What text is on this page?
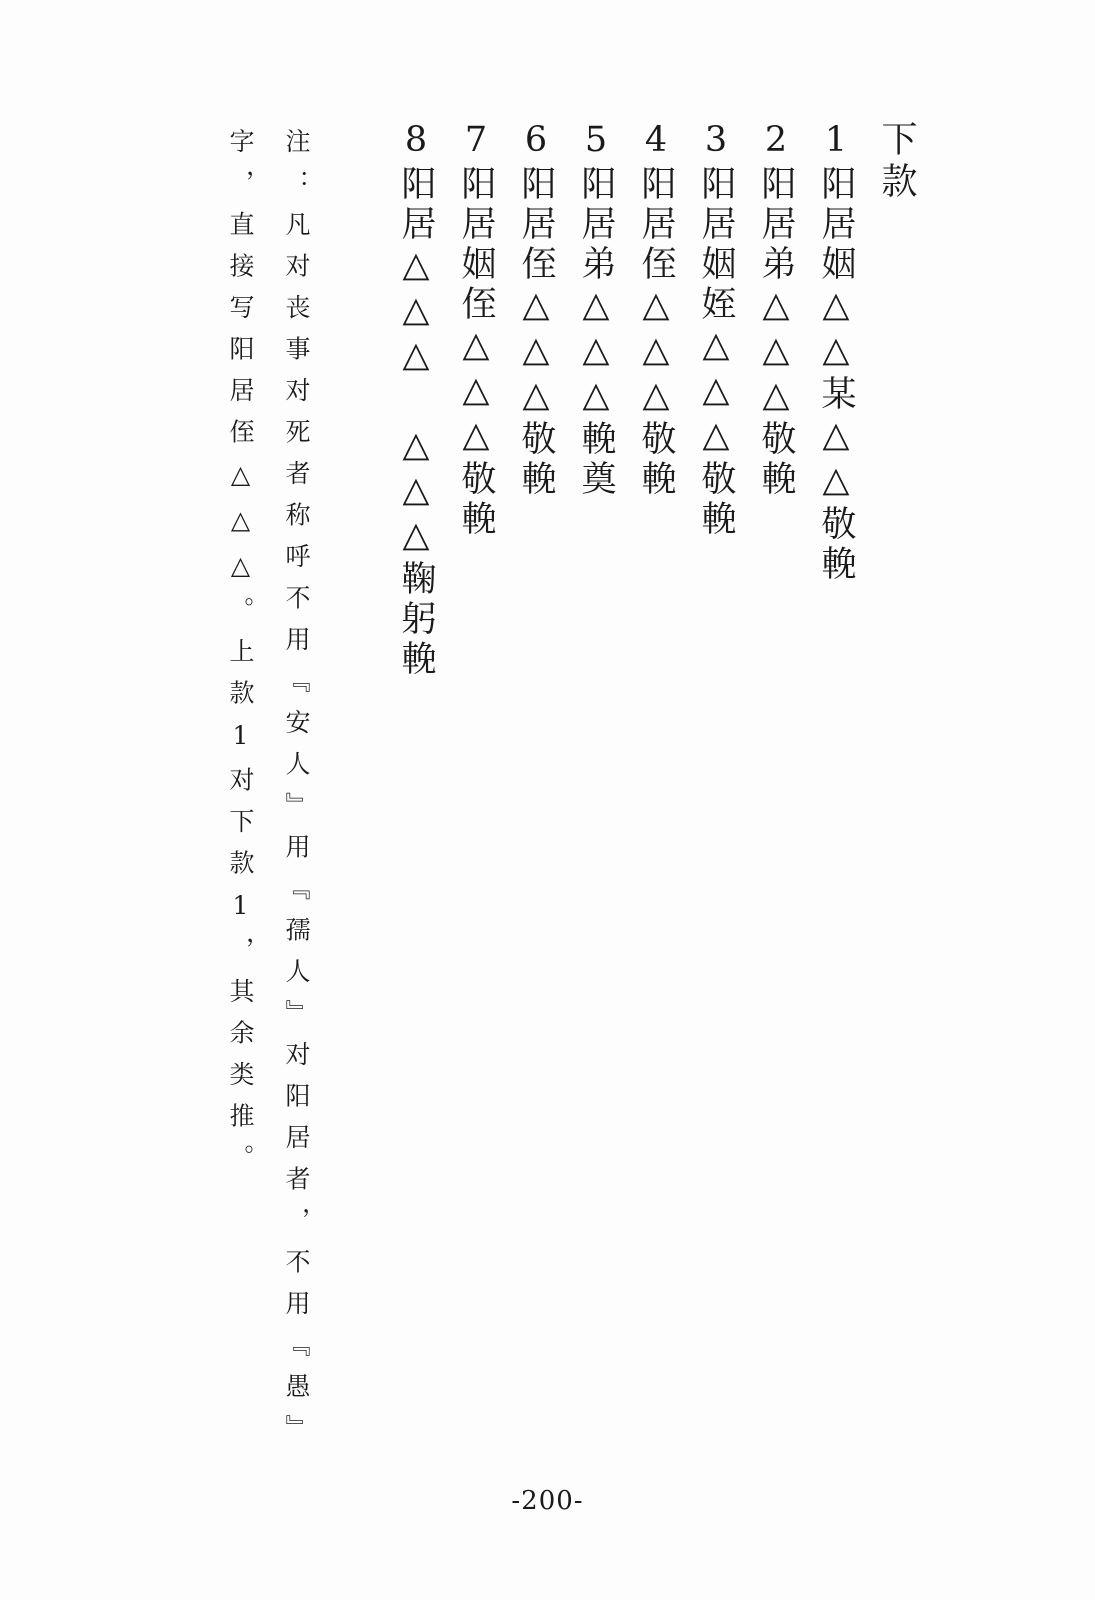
下款
1阳居姻△△某△△敬輓
2阳居弟△△△敬輓
3阳居姻姪△△△敬輓
4阳居侄△△△敬輓
5阳居弟△△△輓奠
6阳居侄△△△敬輓
7阳居姻侄△△△敬輓
8阳居△△△ △△△鞠躬輓
注：凡对丧事对死者称呼不用『安人』用『孺人』对阳居者，不用『愚』
字，直接写阳居侄△△△。上款1对下款1，其余类推。
-200-
